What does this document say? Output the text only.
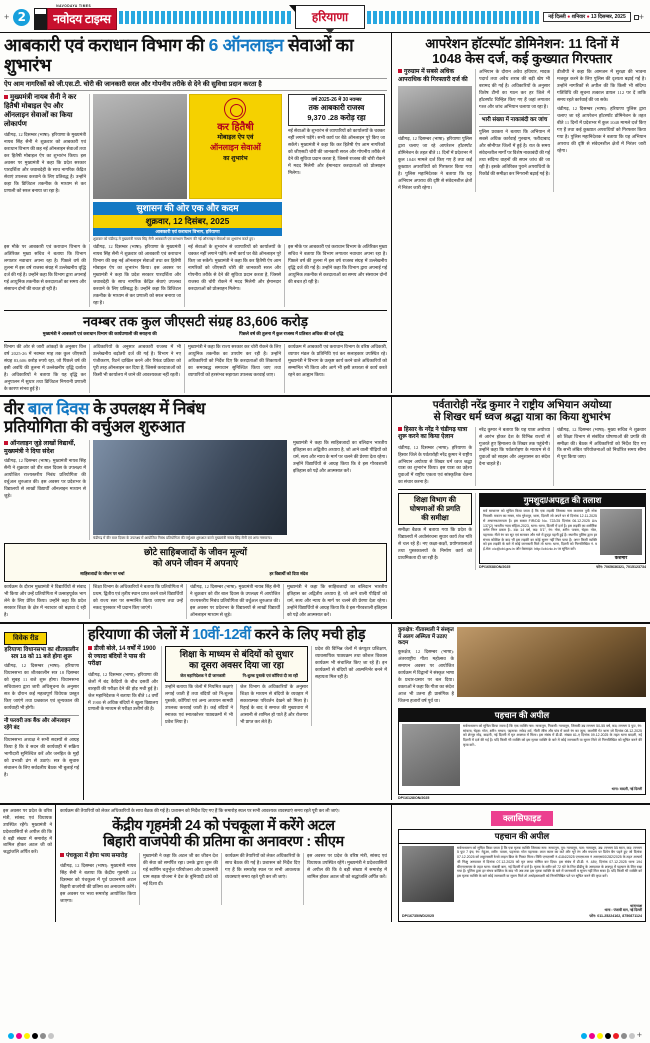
+ 2
NAVODAYA TIMES
नवोदय टाइम्स	हरियाणा	नई दिल्ली ● शनिवार ● 13 दिसम्बर, 2025	+
आबकारी एवं कराधान विभाग की 6 ऑनलाइन सेवाओं का शुभारंभ
ऐप आम नागरिकों को जी.एस.टी. चोरी की जानकारी सरल और गोपनीय तरीके से देने की सुविधा प्रदान करता है
मुख्यमंत्री नायब सैनी ने कर हितैषी मोबाइल ऐप और ऑनलाइन सेवाओं का किया लोकार्पण
चंडीगढ़, 12 दिसम्बर (भाषा): हरियाणा के मुख्यमंत्री नायब सिंह सैनी ने शुक्रवार को आबकारी एवं कराधान विभाग की छह नई ऑनलाइन सेवाओं तथा कर हितैषी मोबाइल ऐप का शुभारंभ किया। इस अवसर पर मुख्यमंत्री ने कहा कि प्रदेश सरकार पारदर्शिता और जवाबदेही के साथ नागरिक केंद्रित सेवाएं उपलब्ध करवाने के लिए प्रतिबद्ध है। उन्होंने कहा कि डिजिटल तकनीक के माध्यम से कर प्रणाली को सरल बनाया जा रहा है।
कर हितैषी
मोबाइल ऐप एवं
ऑनलाइन सेवाओं
का शुभारंभ
सुशासन की ओर एक और कदम
शुक्रवार, 12 दिसंबर, 2025
आबकारी एवं कराधान विभाग, हरियाणा
शुक्रवार को चंडीगढ़ में मुख्यमंत्री नायब सिंह सैनी आबकारी एवं कराधान विभाग की नई ऑनलाइन सेवाओं का शुभारंभ करते हुए।
वर्ष 2025-26 में 30 नवम्बर
तक आबकारी राजस्व
9,370 .28 करोड़ रहा
नई सेवाओं के शुभारंभ से व्यापारियों को कार्यालयों के चक्कर नहीं लगाने पड़ेंगे। सभी कार्य घर बैठे ऑनलाइन पूरे किए जा सकेंगे। मुख्यमंत्री ने कहा कि कर हितैषी ऐप आम नागरिकों को जीएसटी चोरी की जानकारी सरल और गोपनीय तरीके से देने की सुविधा प्रदान करता है, जिससे राजस्व की चोरी रोकने में मदद मिलेगी और ईमानदार करदाताओं को प्रोत्साहन मिलेगा।
इस मौके पर आबकारी एवं कराधान विभाग के अतिरिक्त मुख्य सचिव ने बताया कि विभाग लगातार नवाचार अपना रहा है। पिछले वर्ष की तुलना में इस वर्ष राजस्व संग्रह में उल्लेखनीय वृद्धि दर्ज की गई है। उन्होंने कहा कि विभाग द्वारा अपनाई गई आधुनिक तकनीक से करदाताओं का समय और संसाधन दोनों की बचत हो रही है।
चंडीगढ़, 12 दिसम्बर (भाषा): हरियाणा के मुख्यमंत्री नायब सिंह सैनी ने शुक्रवार को आबकारी एवं कराधान विभाग की छह नई ऑनलाइन सेवाओं तथा कर हितैषी मोबाइल ऐप का शुभारंभ किया। इस अवसर पर मुख्यमंत्री ने कहा कि प्रदेश सरकार पारदर्शिता और जवाबदेही के साथ नागरिक केंद्रित सेवाएं उपलब्ध करवाने के लिए प्रतिबद्ध है। उन्होंने कहा कि डिजिटल तकनीक के माध्यम से कर प्रणाली को सरल बनाया जा रहा है।
नई सेवाओं के शुभारंभ से व्यापारियों को कार्यालयों के चक्कर नहीं लगाने पड़ेंगे। सभी कार्य घर बैठे ऑनलाइन पूरे किए जा सकेंगे। मुख्यमंत्री ने कहा कि कर हितैषी ऐप आम नागरिकों को जीएसटी चोरी की जानकारी सरल और गोपनीय तरीके से देने की सुविधा प्रदान करता है, जिससे राजस्व की चोरी रोकने में मदद मिलेगी और ईमानदार करदाताओं को प्रोत्साहन मिलेगा।
इस मौके पर आबकारी एवं कराधान विभाग के अतिरिक्त मुख्य सचिव ने बताया कि विभाग लगातार नवाचार अपना रहा है। पिछले वर्ष की तुलना में इस वर्ष राजस्व संग्रह में उल्लेखनीय वृद्धि दर्ज की गई है। उन्होंने कहा कि विभाग द्वारा अपनाई गई आधुनिक तकनीक से करदाताओं का समय और संसाधन दोनों की बचत हो रही है।
नवम्बर तक कुल जीएसटी संग्रह 83,606 करोड़
मुख्यमंत्री ने आबकारी एवं कराधान विभाग की कार्यप्रणाली की सराहना की	पिछले वर्ष की तुलना में कुल राजस्व में प्रतिशत अधिक की दर्ज वृद्धि
विभाग की ओर से जारी आंकड़ों के अनुसार वित्त वर्ष 2025-26 में नवम्बर माह तक कुल जीएसटी संग्रह 83,606 करोड़ रुपये रहा, जो पिछले वर्ष की इसी अवधि की तुलना में उल्लेखनीय वृद्धि दर्शाता है। अधिकारियों ने बताया कि यह वृद्धि कर अनुपालन में सुधार तथा डिजिटल निगरानी प्रणाली के कारण संभव हुई है।
अधिकारियों के अनुसार आबकारी राजस्व में भी उल्लेखनीय बढ़ोतरी दर्ज की गई है। विभाग ने नए पंजीकरण, रिटर्न दाखिल करने और रिफंड प्रक्रिया को पूरी तरह ऑनलाइन कर दिया है, जिससे करदाताओं को किसी भी कार्यालय में जाने की आवश्यकता नहीं रहती।
मुख्यमंत्री ने कहा कि राज्य सरकार कर चोरी रोकने के लिए आधुनिक तकनीक का उपयोग कर रही है। उन्होंने अधिकारियों को निर्देश दिए कि करदाताओं की शिकायतों का समयबद्ध समाधान सुनिश्चित किया जाए तथा व्यापारियों को हरसंभव सहायता उपलब्ध करवाई जाए।
कार्यक्रम में आबकारी एवं कराधान विभाग के वरिष्ठ अधिकारी, व्यापार मंडल के प्रतिनिधि एवं कर सलाहकार उपस्थित रहे। मुख्यमंत्री ने विभाग के उत्कृष्ट कार्य करने वाले अधिकारियों को सम्मानित भी किया और आगे भी इसी तत्परता से कार्य करते रहने का आह्वान किया।
आपरेशन हॉटस्पॉट डोमिनेशन: 11 दिनों में
1048 केस दर्ज, कई कुख्यात गिरफ्तार
गुरुग्राम में सबसे अधिक आपराधिक की गिरफ्तारी दर्ज की
चंडीगढ़, 12 दिसम्बर (भाषा): हरियाणा पुलिस द्वारा चलाए जा रहे आपरेशन हॉटस्पॉट डोमिनेशन के तहत बीते 11 दिनों में प्रदेशभर में कुल 1048 मामले दर्ज किए गए हैं तथा कई कुख्यात अपराधियों को गिरफ्तार किया गया है। पुलिस महानिदेशक ने बताया कि यह अभियान अपराध की दृष्टि से संवेदनशील क्षेत्रों में निरंतर जारी रहेगा।
अभियान के दौरान अवैध हथियार, मादक पदार्थ तथा अवैध शराब की बड़ी खेप भी बरामद की गई है। अधिकारियों के अनुसार विशेष टीमों का गठन कर हर जिले में हॉटस्पॉट चिन्हित किए गए हैं जहां लगातार गश्त और जांच अभियान चलाया जा रहा है।
भारी संख्या में नाकाबंदी कर जांच
पुलिस प्रवक्ता ने बताया कि अभियान में सबसे अधिक कार्रवाई गुरुग्राम, फरीदाबाद और सोनीपत जिलों में हुई है। रात के समय संवेदनशील मार्गों पर विशेष नाकाबंदी की गई तथा संदिग्ध वाहनों की सघन जांच की जा रही है। इसके अतिरिक्त पुराने अपराधियों के रिकॉर्ड की समीक्षा कर निगरानी बढ़ाई गई है।
डीजीपी ने कहा कि आमजन में सुरक्षा की भावना मजबूत करने के लिए पुलिस की दृश्यता बढ़ाई गई है। उन्होंने नागरिकों से अपील की कि किसी भी संदिग्ध गतिविधि की सूचना तत्काल डायल 112 पर दें ताकि समय रहते कार्रवाई की जा सके।
चंडीगढ़, 12 दिसम्बर (भाषा): हरियाणा पुलिस द्वारा चलाए जा रहे आपरेशन हॉटस्पॉट डोमिनेशन के तहत बीते 11 दिनों में प्रदेशभर में कुल 1048 मामले दर्ज किए गए हैं तथा कई कुख्यात अपराधियों को गिरफ्तार किया गया है। पुलिस महानिदेशक ने बताया कि यह अभियान अपराध की दृष्टि से संवेदनशील क्षेत्रों में निरंतर जारी रहेगा।
वीर बाल दिवस के उपलक्ष्य में निबंध
प्रतियोगिता की वर्चुअल शुरुआत
ऑनलाइन जुड़े लाखों विद्यार्थी, मुख्यमंत्री ने दिया संदेश
चंडीगढ़, 12 दिसम्बर (भाषा): मुख्यमंत्री नायब सिंह सैनी ने शुक्रवार को वीर बाल दिवस के उपलक्ष्य में आयोजित राज्यस्तरीय निबंध प्रतियोगिता की वर्चुअल शुरुआत की। इस अवसर पर प्रदेशभर के विद्यालयों से लाखों विद्यार्थी ऑनलाइन माध्यम से जुड़े।
चंडीगढ़ में वीर बाल दिवस के उपलक्ष्य में आयोजित निबंध प्रतियोगिता की वर्चुअल शुरुआत करते मुख्यमंत्री नायब सिंह सैनी एवं अन्य गणमान्य।
मुख्यमंत्री ने कहा कि साहिबजादों का बलिदान भारतीय इतिहास का अद्वितीय अध्याय है, जो आने वाली पीढ़ियों को धर्म, सत्य और न्याय के मार्ग पर चलने की प्रेरणा देता रहेगा। उन्होंने विद्यार्थियों से आग्रह किया कि वे इस गौरवशाली इतिहास को पढ़ें और आत्मसात करें।
छोटे साहिबजादों के जीवन मूल्यों
को अपने जीवन में अपनाएं
साहिबजादों के जीवन पर चर्चा	हर विद्यार्थी को दिया संदेश
कार्यक्रम के दौरान मुख्यमंत्री ने विद्यार्थियों से संवाद भी किया और उन्हें प्रतियोगिता में उत्साहपूर्वक भाग लेने के लिए प्रेरित किया। उन्होंने कहा कि प्रदेश सरकार शिक्षा के क्षेत्र में नवाचार को बढ़ावा दे रही है।
शिक्षा विभाग के अधिकारियों ने बताया कि प्रतियोगिता में प्रथम, द्वितीय एवं तृतीय स्थान प्राप्त करने वाले विद्यार्थियों को राज्य स्तर पर सम्मानित किया जाएगा तथा उन्हें नकद पुरस्कार भी प्रदान किए जाएंगे।
चंडीगढ़, 12 दिसम्बर (भाषा): मुख्यमंत्री नायब सिंह सैनी ने शुक्रवार को वीर बाल दिवस के उपलक्ष्य में आयोजित राज्यस्तरीय निबंध प्रतियोगिता की वर्चुअल शुरुआत की। इस अवसर पर प्रदेशभर के विद्यालयों से लाखों विद्यार्थी ऑनलाइन माध्यम से जुड़े।
मुख्यमंत्री ने कहा कि साहिबजादों का बलिदान भारतीय इतिहास का अद्वितीय अध्याय है, जो आने वाली पीढ़ियों को धर्म, सत्य और न्याय के मार्ग पर चलने की प्रेरणा देता रहेगा। उन्होंने विद्यार्थियों से आग्रह किया कि वे इस गौरवशाली इतिहास को पढ़ें और आत्मसात करें।
पर्वतारोही नरेंद्र कुमार ने राष्ट्रीय अभियान अयोध्या
से शिखर धर्म ध्वज श्रद्धा यात्रा का किया शुभारंभ
हिसार के नरेंद्र ने चंडीगढ़ यात्रा शुरू करने का किया ऐलान
चंडीगढ़, 12 दिसम्बर (भाषा): हरियाणा के हिसार जिले के पर्वतारोही नरेंद्र कुमार ने राष्ट्रीय अभियान अयोध्या से शिखर धर्म ध्वज श्रद्धा यात्रा का शुभारंभ किया। इस यात्रा का उद्देश्य युवाओं में राष्ट्रीय एकता एवं सांस्कृतिक चेतना का संचार करना है।
नरेंद्र कुमार ने बताया कि यह यात्रा अयोध्या से आरंभ होकर देश के विभिन्न राज्यों से गुजरते हुए हिमालय के शिखर तक पहुंचेगी। उन्होंने कहा कि पर्वतारोहण के माध्यम से वे युवाओं को साहस और अनुशासन का संदेश देना चाहते हैं।
चंडीगढ़, 12 दिसम्बर (भाषा): मुख्य सचिव ने शुक्रवार को शिक्षा विभाग से संबंधित घोषणाओं की प्रगति की समीक्षा की। बैठक में अधिकारियों को निर्देश दिए गए कि सभी लंबित परियोजनाओं को निर्धारित समय सीमा में पूरा किया जाए।
शिक्षा विभाग की
घोषणाओं की प्रगति
की समीक्षा
समीक्षा बैठक में बताया गया कि प्रदेश के विद्यालयों में अधोसंरचना सुधार कार्य तेज गति से चल रहे हैं। नए कक्षा-कक्षों, प्रयोगशालाओं तथा पुस्तकालयों के निर्माण कार्य को प्राथमिकता दी जा रही है।
गुमशुदा/अपहृत की तलाश
सर्व साधारण को सूचित किया जाता है कि एक लड़की जिसका नाम कशमार पुत्री नरेश निवासी: मकान का नम्बर, गांव गुरेशपुर, थाना, दिल्ली जो अपने घर से दिनांक 12.11.2025 से अचानक/लापता है। इस बाबत FIR/DD No. 722/25 दिनांक 06.12.2025 U/s 137(2) भारतीय न्याय संहिता-2023, थाना: थाना, दिल्ली में दर्ज है। इस लड़की का शारीरिक वर्णन निम्न प्रकार है:- उम्र: 14 वर्ष, कद: 5'1", रंग: गोरा, शरीर: पतला, चेहरा: गोल, पहनावा: नीले रंग का सूट एवं सलवार और गले में दुपट्टा पहनी हुई है। स्थानीय पुलिस द्वारा हर संभव कोशिश के बाद भी इस लड़की का कोई सुराग नहीं मिल पाया है। अगर किसी व्यक्ति को इस लड़की के बारे में कोई जानकारी मिले तो थाना: थाना, दिल्ली को निम्नलिखित नं. व ई-मेल: cic@cbi.gov.in और वेबसाइट: http://cbi.nic.in पर सूचित करें।
कशमार
DP/16538/ON/2025	फोन: 7065636321, 7015123734
विवेक रीड
हरियाणा विधानसभा का शीतकालीन सत्र 18 को 11 बजे होगा शुरू
चंडीगढ़, 12 दिसम्बर (भाषा): हरियाणा विधानसभा का शीतकालीन सत्र 18 दिसम्बर को सुबह 11 बजे शुरू होगा। विधानसभा सचिवालय द्वारा जारी अधिसूचना के अनुसार सत्र के दौरान कई महत्वपूर्ण विधेयक प्रस्तुत किए जाएंगे तथा प्रश्नकाल एवं शून्यकाल की कार्यवाही भी होगी।
नौ फरवरी तक बैंक और ऑनलाइन रहेंगे बंद
विधानसभा अध्यक्ष ने सभी सदस्यों से आग्रह किया है कि वे सदन की कार्यवाही में सक्रिय भागीदारी सुनिश्चित करें और जनहित के मुद्दों को प्रभावी ढंग से उठाएं। सत्र के सुचारु संचालन के लिए सर्वदलीय बैठक भी बुलाई गई है।
हरियाणा की जेलों में 10वीं-12वीं करने के लिए मची होड़
डीजी बोले, 14 वर्षों में 1900 से ज्यादा बंदियों ने पास की परीक्षा
चंडीगढ़, 12 दिसम्बर (भाषा): हरियाणा की जेलों में बंद कैदियों के बीच दसवीं और बारहवीं की परीक्षा देने की होड़ मची हुई है। जेल महानिदेशक ने बताया कि बीते 14 वर्षों में 1900 से अधिक बंदियों ने खुला विद्यालय प्रणाली के माध्यम से परीक्षा उत्तीर्ण की है।
शिक्षा के माध्यम से बंदियों को सुधार
का दूसरा अवसर दिया जा रहा
जेल महानिदेशक ने दी जानकारी	नि:शुल्क पुस्तकें एवं कॉपियां दी जा रहीं
उन्होंने बताया कि जेलों में नियमित कक्षाएं लगाई जाती हैं तथा बंदियों को नि:शुल्क पुस्तकें, कॉपियां एवं अन्य अध्ययन सामग्री उपलब्ध करवाई जाती है। कई बंदियों ने स्नातक एवं स्नातकोत्तर पाठ्यक्रमों में भी प्रवेश लिया है।
जेल विभाग के अधिकारियों के अनुसार शिक्षा के माध्यम से बंदियों के व्यवहार में सकारात्मक परिवर्तन देखने को मिला है। रिहाई के बाद वे समाज की मुख्यधारा में आसानी से शामिल हो पाते हैं और रोजगार भी प्राप्त कर लेते हैं।
प्रदेश की विभिन्न जेलों में कंप्यूटर प्रशिक्षण, व्यावसायिक पाठ्यक्रम तथा कौशल विकास कार्यक्रम भी संचालित किए जा रहे हैं। इन कार्यक्रमों से बंदियों को आत्मनिर्भर बनने में सहायता मिल रही है।
कुरुक्षेत्र: गीतास्थली ने संस्कृत में अलग अस्मिता में उठाए कदम
कुरुक्षेत्र, 12 दिसम्बर (भाषा): अंतरराष्ट्रीय गीता महोत्सव के समापन अवसर पर आयोजित कार्यक्रम में विद्वानों ने संस्कृत भाषा के प्रचार-प्रसार पर बल दिया। वक्ताओं ने कहा कि गीता का संदेश आज भी उतना ही प्रासंगिक है जितना हजारों वर्ष पूर्व था।
पहचान की अपील
सर्वसाधारण को सूचित किया जाता है कि एक व्यक्ति नाम: नामालूम, निवासी: नामालूम, जिसकी उम्र लगभग 50-55 वर्ष, कद: लगभग 5 फुट, रंग: सांवला, चेहरा: गोल, शरीर: मध्यम, पहनावा: सफेद शर्ट, नीली जींस और पांव में काले रंग का जूता, कश्मीरी गेट थाना जो दिनांक 08.12.2025 को शेरपुर मोड़, बादली, नई दिल्ली में मृत अवस्था में मिला। इस संबंध में डी.डी. संख्या 61-ए दिनांक 09.12.2025 के तहत थाना बादली, नई दिल्ली में दर्ज की गई है। यदि किसी भी व्यक्ति को इस मृतक व्यक्ति के बारे में कोई जानकारी या सुराग मिले तो निम्नलिखित को सूचित करने की कृपा करें:-
थाना: बादली, नई दिल्ली
DP/16128/ON/2025
इस अवसर पर प्रदेश के वरिष्ठ मंत्री, सांसद एवं विधायक उपस्थित रहेंगे। मुख्यमंत्री ने प्रदेशवासियों से अपील की कि वे बड़ी संख्या में समारोह में शामिल होकर अटल जी को श्रद्धांजलि अर्पित करें।
कार्यक्रम की तैयारियों को लेकर अधिकारियों के साथ बैठक की गई है। प्रशासन को निर्देश दिए गए हैं कि समारोह स्थल पर सभी आवश्यक व्यवस्थाएं समय रहते पूरी कर ली जाएं।
केंद्रीय गृहमंत्री 24 को पंचकूला में करेंगे अटल
बिहारी वाजपेयी की प्रतिमा का अनावरण : सीएम
पंचकूला में होगा भव्य समारोह
चंडीगढ़, 12 दिसम्बर (भाषा): मुख्यमंत्री नायब सिंह सैनी ने बताया कि केंद्रीय गृहमंत्री 24 दिसम्बर को पंचकूला में पूर्व प्रधानमंत्री अटल बिहारी वाजपेयी की प्रतिमा का अनावरण करेंगे। इस अवसर पर भव्य समारोह आयोजित किया जाएगा।
मुख्यमंत्री ने कहा कि अटल जी का जीवन देश की सेवा को समर्पित रहा। उनके द्वारा शुरू की गई स्वर्णिम चतुर्भुज परियोजना और प्रधानमंत्री ग्राम सड़क योजना ने देश के बुनियादी ढांचे को नई दिशा दी।
कार्यक्रम की तैयारियों को लेकर अधिकारियों के साथ बैठक की गई है। प्रशासन को निर्देश दिए गए हैं कि समारोह स्थल पर सभी आवश्यक व्यवस्थाएं समय रहते पूरी कर ली जाएं।
इस अवसर पर प्रदेश के वरिष्ठ मंत्री, सांसद एवं विधायक उपस्थित रहेंगे। मुख्यमंत्री ने प्रदेशवासियों से अपील की कि वे बड़ी संख्या में समारोह में शामिल होकर अटल जी को श्रद्धांजलि अर्पित करें।
क्लासिफाइड
पहचान की अपील
सर्वसाधारण को सूचित किया जाता है कि एक मृतक व्यक्ति जिसका नाम: नामालूम, पुत्र: नामालूम, पता: नामालूम, उम्र: लगभग 55 साल, कद: लगभग 5 फुट 7 इंच, रंग: गेहुंआ, शरीर: पतला, पहनावा: गोल पहनावा: लाल कलर का कर्ट और भूरे रंग और मफलर पर डिपेन बैग पहने हुए जो दिनांक 07.12.2025 को शकूरबस्ती रेलवे लाइन ब्रिज के निकट मिला। विधि एमएलसी नं.4184/2025 एमएसआर नं आरएस00/282/2025 के तहत आचार्य श्री भिक्षु अस्पताल में दिनांक 07.12.2025 को मृत लाया घोषित कर दिया। इस संबंध में डी.डी. नं. 48ए, दिनांक 07.12.2025 थाना 194 बीएनएसएस के तहत थाना: पंजाबी बाग, नई दिल्ली में दर्ज है। मृतक के शरीर को 72 घंटे के लिए डीडीयू के अस्पताल के शवगृह में पहचान के लिए रखा गया है। पुलिस द्वारा हर संभव कोशिश के बाद भी अब तक इस मृतक व्यक्ति के बारे में जानकारी व सुराग नहीं मिल सका है। यदि किसी भी व्यक्ति को इस मृतक व्यक्ति के बारे कोई जानकारी या सुराग मिले तो अधोहस्ताक्षरी को निम्नलिखित पते पर सूचित करने की कृपा करें।
थानाध्यक्ष
थाना : पंजाबी बाग, नई दिल्ली
DP/16735/WD/2025	फोन: 011-25224162, 8750871124
+
